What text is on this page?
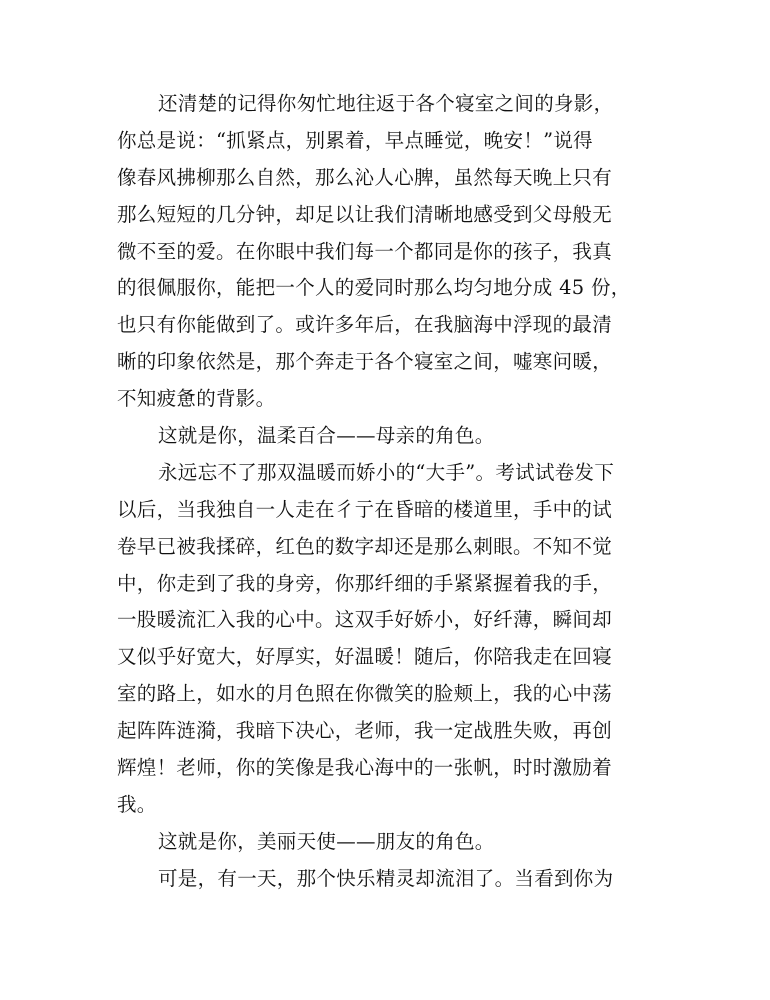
还清楚的记得你匆忙地往返于各个寝室之间的身影，
你总是说：“抓紧点，别累着，早点睡觉，晚安！”说得
像春风拂柳那么自然，那么沁人心脾，虽然每天晚上只有
那么短短的几分钟，却足以让我们清晰地感受到父母般无
微不至的爱。在你眼中我们每一个都同是你的孩子，我真
的很佩服你，能把一个人的爱同时那么均匀地分成 45 份，
也只有你能做到了。或许多年后，在我脑海中浮现的最清
晰的印象依然是，那个奔走于各个寝室之间，嘘寒问暖，
不知疲惫的背影。
这就是你，温柔百合——母亲的角色。
永远忘不了那双温暖而娇小的“大手”。考试试卷发下
以后，当我独自一人走在彳亍在昏暗的楼道里，手中的试
卷早已被我揉碎，红色的数字却还是那么刺眼。不知不觉
中，你走到了我的身旁，你那纤细的手紧紧握着我的手，
一股暖流汇入我的心中。这双手好娇小，好纤薄，瞬间却
又似乎好宽大，好厚实，好温暖！随后，你陪我走在回寝
室的路上，如水的月色照在你微笑的脸颊上，我的心中荡
起阵阵涟漪，我暗下决心，老师，我一定战胜失败，再创
辉煌！老师，你的笑像是我心海中的一张帆，时时激励着
我。
这就是你，美丽天使——朋友的角色。
可是，有一天，那个快乐精灵却流泪了。当看到你为
